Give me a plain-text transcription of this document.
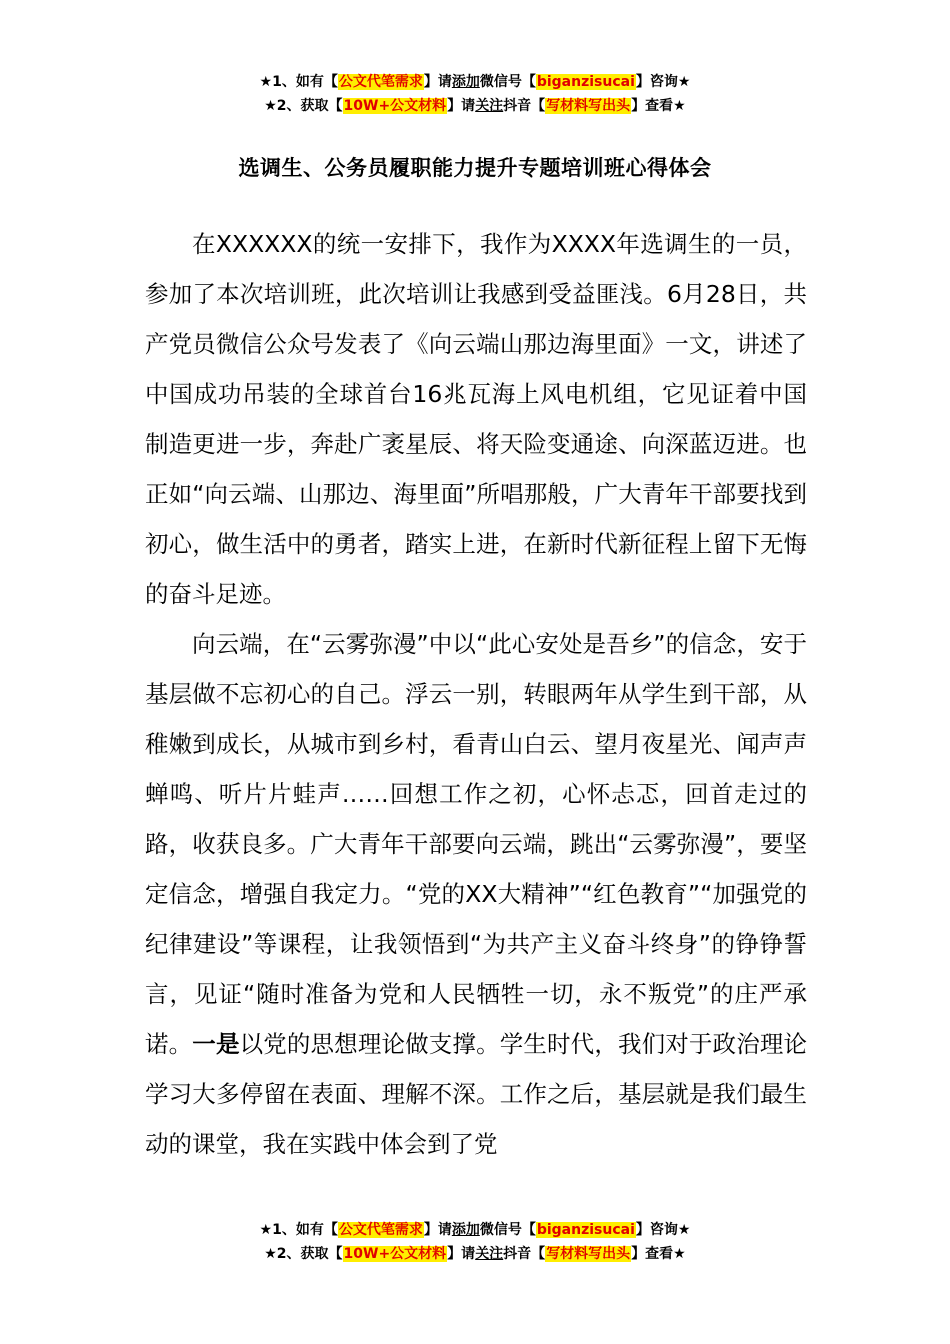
★1、如有【公文代笔需求】请添加微信号【biganzisucai】咨询★
★2、获取【10W+公文材料】请关注抖音【写材料写出头】查看★
选调生、公务员履职能力提升专题培训班心得体会

在XXXXXX的统一安排下，我作为XXXX年选调生的一员，参加了本次培训班，此次培训让我感到受益匪浅。6月28日，共产党员微信公众号发表了《向云端山那边海里面》一文，讲述了中国成功吊装的全球首台16兆瓦海上风电机组，它见证着中国制造更进一步，奔赴广袤星辰、将天险变通途、向深蓝迈进。也正如“向云端、山那边、海里面”所唱那般，广大青年干部要找到初心，做生活中的勇者，踏实上进，在新时代新征程上留下无悔的奋斗足迹。

向云端，在“云雾弥漫”中以“此心安处是吾乡”的信念，安于基层做不忘初心的自己。浮云一别，转眼两年从学生到干部，从稚嫩到成长，从城市到乡村，看青山白云、望月夜星光、闻声声蝉鸣、听片片蛙声……回想工作之初，心怀忐忑，回首走过的路，收获良多。广大青年干部要向云端，跳出“云雾弥漫”，要坚定信念，增强自我定力。“党的XX大精神”“红色教育”“加强党的纪律建设”等课程，让我领悟到“为共产主义奋斗终身”的铮铮誓言，见证“随时准备为党和人民牺牲一切，永不叛党”的庄严承诺。一是以党的思想理论做支撑。学生时代，我们对于政治理论学习大多停留在表面、理解不深。工作之后，基层就是我们最生动的课堂，我在实践中体会到了党

★1、如有【公文代笔需求】请添加微信号【biganzisucai】咨询★
★2、获取【10W+公文材料】请关注抖音【写材料写出头】查看★
